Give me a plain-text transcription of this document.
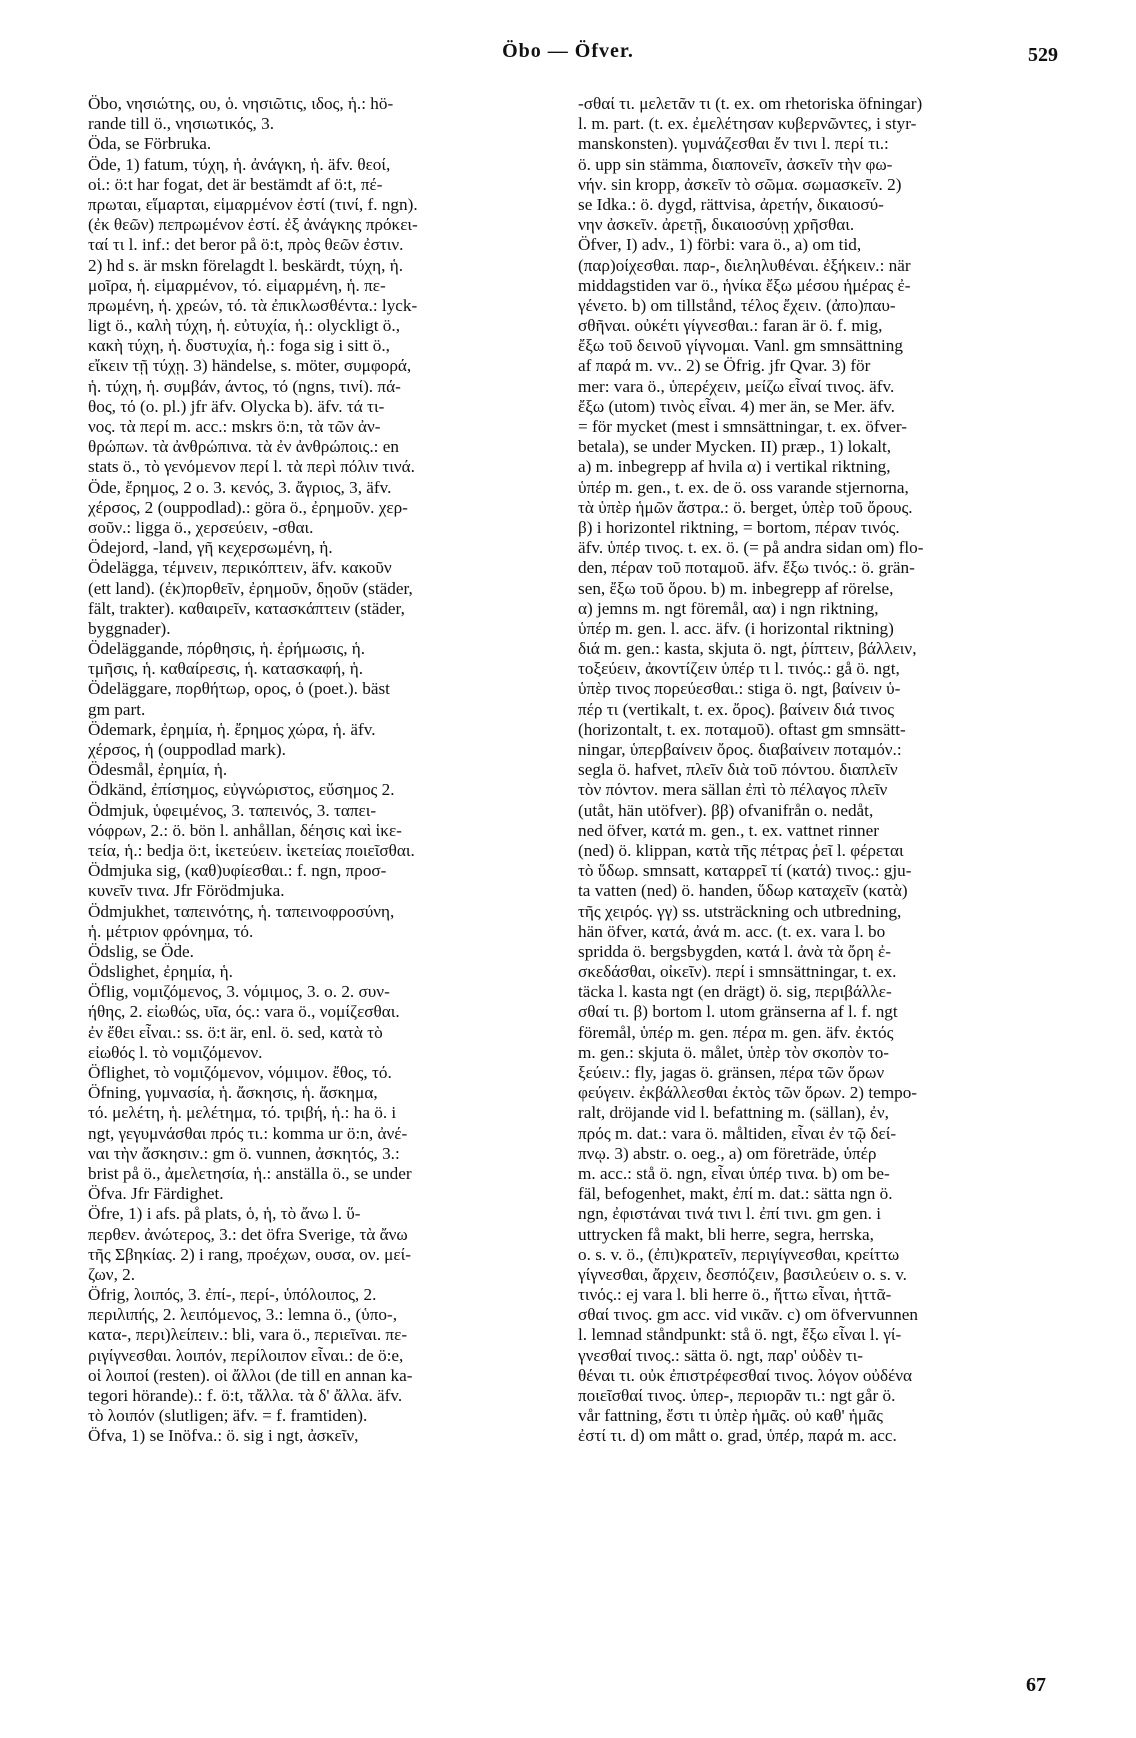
Öbo — Öfver.	529
Öbo, νησιώτης, ου, ὁ. νησιῶτις, ιδος, ἡ.: hö-
rande till ö., νησιωτικός, 3.
Öda, se Förbruka.
Öde, 1) fatum, τύχη, ἡ. ἀνάγκη, ἡ. äfv. θεοί,
οἱ.: ö:t har fogat, det är bestämdt af ö:t, πέ-
πρωται, εἵμαρται, εἱμαρμένον ἐστί (τινί, f. ngn).
(ἐκ θεῶν) πεπρωμένον ἐστί. ἐξ ἀνάγκης πρόκει-
ταί τι l. inf.: det beror på ö:t, πρὸς θεῶν ἐστιν.
2) hd s. är mskn förelagdt l. beskärdt, τύχη, ἡ.
μοῖρα, ἡ. εἱμαρμένον, τό. εἱμαρμένη, ἡ. πε-
πρωμένη, ἡ. χρεών, τό. τὰ ἐπικλωσθέντα.: lyck-
ligt ö., καλὴ τύχη, ἡ. εὐτυχία, ἡ.: olyckligt ö.,
κακὴ τύχη, ἡ. δυστυχία, ἡ.: foga sig i sitt ö.,
εἴκειν τῇ τύχῃ. 3) händelse, s. möter, συμφορά,
ἡ. τύχη, ἡ. συμβάν, άντος, τό (ngns, τινί). πά-
θος, τό (o. pl.) jfr äfv. Olycka b). äfv. τά τι-
νος. τὰ περί m. acc.: mskrs ö:n, τὰ τῶν ἀν-
θρώπων. τὰ ἀνθρώπινα. τὰ ἐν ἀνθρώποις.: en
stats ö., τὸ γενόμενον περί l. τὰ περὶ πόλιν τινά.
Öde, ἔρημος, 2 o. 3. κενός, 3. ἄγριος, 3, äfv.
χέρσος, 2 (ouppodlad).: göra ö., ἐρημοῦν. χερ-
σοῦν.: ligga ö., χερσεύειν, -σθαι.
Ödejord, -land, γῆ κεχερσωμένη, ἡ.
Ödelägga, τέμνειν, περικόπτειν, äfv. κακοῦν
(ett land). (ἐκ)πορθεῖν, ἐρημοῦν, δῃοῦν (städer,
fält, trakter). καθαιρεῖν, κατασκάπτειν (städer,
byggnader).
Ödeläggande, πόρθησις, ἡ. ἐρήμωσις, ἡ.
τμῆσις, ἡ. καθαίρεσις, ἡ. κατασκαφή, ἡ.
Ödeläggare, πορθήτωρ, ορος, ὁ (poet.). bäst
gm part.
Ödemark, ἐρημία, ἡ. ἔρημος χώρα, ἡ. äfv.
χέρσος, ἡ (ouppodlad mark).
Ödesmål, ἐρημία, ἡ.
Ödkänd, ἐπίσημος, εὐγνώριστος, εὔσημος 2.
Ödmjuk, ὑφειμένος, 3. ταπεινός, 3. ταπει-
νόφρων, 2.: ö. bön l. anhållan, δέησις καὶ ἱκε-
τεία, ἡ.: bedja ö:t, ἱκετεύειν. ἱκετείας ποιεῖσθαι.
Ödmjuka sig, (καθ)υφίεσθαι.: f. ngn, προσ-
κυνεῖν τινα. Jfr Förödmjuka.
Ödmjukhet, ταπεινότης, ἡ. ταπεινοφροσύνη,
ἡ. μέτριον φρόνημα, τό.
Ödslig, se Öde.
Ödslighet, ἐρημία, ἡ.
Öflig, νομιζόμενος, 3. νόμιμος, 3. o. 2. συν-
ήθης, 2. εἰωθώς, υῖα, ός.: vara ö., νομίζεσθαι.
ἐν ἔθει εἶναι.: ss. ö:t är, enl. ö. sed, κατὰ τὸ
εἰωθός l. τὸ νομιζόμενον.
Öflighet, τὸ νομιζόμενον, νόμιμον. ἔθος, τό.
Öfning, γυμνασία, ἡ. ἄσκησις, ἡ. ἄσκημα,
τό. μελέτη, ἡ. μελέτημα, τό. τριβή, ἡ.: ha ö. i
ngt, γεγυμνάσθαι πρός τι.: komma ur ö:n, ἀνέ-
ναι τὴν ἄσκησιν.: gm ö. vunnen, ἀσκητός, 3.:
brist på ö., ἀμελετησία, ἡ.: anställa ö., se under
Öfva. Jfr Färdighet.
Öfre, 1) i afs. på plats, ὁ, ἡ, τὸ ἄνω l. ὕ-
περθεν. ἀνώτερος, 3.: det öfra Sverige, τὰ ἄνω
τῆς Σβηκίας. 2) i rang, προέχων, ουσα, ον. μεί-
ζων, 2.
Öfrig, λοιπός, 3. ἐπί-, περί-, ὑπόλοιπος, 2.
περιλιπής, 2. λειπόμενος, 3.: lemna ö., (ὑπο-,
κατα-, περι)λείπειν.: bli, vara ö., περιεῖναι. πε-
ριγίγνεσθαι. λοιπόν, περίλοιπον εἶναι.: de ö:e,
οἱ λοιποί (resten). οἱ ἄλλοι (de till en annan ka-
tegori hörande).: f. ö:t, τἄλλα. τὰ δ' ἄλλα. äfv.
τὸ λοιπόν (slutligen; äfv. = f. framtiden).
Öfva, 1) se Inöfva.: ö. sig i ngt, ἀσκεῖν,
-σθαί τι. μελετᾶν τι (t. ex. om rhetoriska öfningar)
l. m. part. (t. ex. ἐμελέτησαν κυβερνῶντες, i styr-
manskonsten). γυμνάζεσθαι ἔν τινι l. περί τι.:
ö. upp sin stämma, διαπονεῖν, ἀσκεῖν τὴν φω-
νήν. sin kropp, ἀσκεῖν τὸ σῶμα. σωμασκεῖν. 2)
se Idka.: ö. dygd, rättvisa, ἀρετήν, δικαιοσύ-
νην ἀσκεῖν. ἀρετῇ, δικαιοσύνῃ χρῆσθαι.
Öfver, I) adv., 1) förbi: vara ö., a) om tid,
(παρ)οίχεσθαι. παρ-, διεληλυθέναι. ἐξήκειν.: när
middagstiden var ö., ἡνίκα ἔξω μέσου ἡμέρας ἐ-
γένετο. b) om tillstånd, τέλος ἔχειν. (ἀπο)παυ-
σθῆναι. οὐκέτι γίγνεσθαι.: faran är ö. f. mig,
ἔξω τοῦ δεινοῦ γίγνομαι. Vanl. gm smnsättning
af παρά m. vv.. 2) se Öfrig. jfr Qvar. 3) för
mer: vara ö., ὑπερέχειν, μείζω εἶναί τινος. äfv.
ἔξω (utom) τινὸς εἶναι. 4) mer än, se Mer. äfv.
= för mycket (mest i smnsättningar, t. ex. öfver-
betala), se under Mycken. II) præp., 1) lokalt,
a) m. inbegrepp af hvila α) i vertikal riktning,
ὑπέρ m. gen., t. ex. de ö. oss varande stjernorna,
τὰ ὑπὲρ ἡμῶν ἄστρα.: ö. berget, ὑπὲρ τοῦ ὄρους.
β) i horizontel riktning, = bortom, πέραν τινός.
äfv. ὑπέρ τινος. t. ex. ö. (= på andra sidan om) flo-
den, πέραν τοῦ ποταμοῦ. äfv. ἔξω τινός.: ö. grän-
sen, ἔξω τοῦ ὅρου. b) m. inbegrepp af rörelse,
α) jemns m. ngt föremål, αα) i ngn riktning,
ὑπέρ m. gen. l. acc. äfv. (i horizontal riktning)
διά m. gen.: kasta, skjuta ö. ngt, ῥίπτειν, βάλλειν,
τοξεύειν, ἀκοντίζειν ὑπέρ τι l. τινός.: gå ö. ngt,
ὑπὲρ τινος πορεύεσθαι.: stiga ö. ngt, βαίνειν ὑ-
πέρ τι (vertikalt, t. ex. ὄρος). βαίνειν διά τινος
(horizontalt, t. ex. ποταμοῦ). oftast gm smnsätt-
ningar, ὑπερβαίνειν ὄρος. διαβαίνειν ποταμόν.:
segla ö. hafvet, πλεῖν διὰ τοῦ πόντου. διαπλεῖν
τὸν πόντον. mera sällan ἐπὶ τὸ πέλαγος πλεῖν
(utåt, hän utöfver). ββ) ofvanifrån o. nedåt,
ned öfver, κατά m. gen., t. ex. vattnet rinner
(ned) ö. klippan, κατὰ τῆς πέτρας ῥεῖ l. φέρεται
τὸ ὕδωρ. smnsatt, καταρρεῖ τί (κατά) τινος.: gju-
ta vatten (ned) ö. handen, ὕδωρ καταχεῖν (κατὰ)
τῆς χειρός. γγ) ss. utsträckning och utbredning,
hän öfver, κατά, ἀνά m. acc. (t. ex. vara l. bo
spridda ö. bergsbygden, κατά l. ἀνὰ τὰ ὄρη ἐ-
σκεδάσθαι, οἰκεῖν). περί i smnsättningar, t. ex.
täcka l. kasta ngt (en drägt) ö. sig, περιβάλλε-
σθαί τι. β) bortom l. utom gränserna af l. f. ngt
föremål, ὑπέρ m. gen. πέρα m. gen. äfv. ἐκτός
m. gen.: skjuta ö. målet, ὑπὲρ τὸν σκοπὸν το-
ξεύειν.: fly, jagas ö. gränsen, πέρα τῶν ὅρων
φεύγειν. ἐκβάλλεσθαι ἐκτὸς τῶν ὅρων. 2) tempo-
ralt, dröjande vid l. befattning m. (sällan), ἐν,
πρός m. dat.: vara ö. måltiden, εἶναι ἐν τῷ δεί-
πνῳ. 3) abstr. o. oeg., a) om företräde, ὑπέρ
m. acc.: stå ö. ngn, εἶναι ὑπέρ τινα. b) om be-
fäl, befogenhet, makt, ἐπί m. dat.: sätta ngn ö.
ngn, ἐφιστάναι τινά τινι l. ἐπί τινι. gm gen. i
uttrycken få makt, bli herre, segra, herrska,
o. s. v. ö., (ἐπι)κρατεῖν, περιγίγνεσθαι, κρείττω
γίγνεσθαι, ἄρχειν, δεσπόζειν, βασιλεύειν o. s. v.
τινός.: ej vara l. bli herre ö., ἥττω εἶναι, ἡττᾶ-
σθαί τινος. gm acc. vid νικᾶν. c) om öfvervunnen
l. lemnad ståndpunkt: stå ö. ngt, ἔξω εἶναι l. γί-
γνεσθαί τινος.: sätta ö. ngt, παρ' οὐδὲν τι-
θέναι τι. οὐκ ἐπιστρέφεσθαί τινος. λόγον οὐδένα
ποιεῖσθαί τινος. ὑπερ-, περιορᾶν τι.: ngt går ö.
vår fattning, ἔστι τι ὑπὲρ ἡμᾶς. οὐ καθ' ἡμᾶς
ἐστί τι. d) om mått o. grad, ὑπέρ, παρά m. acc.
67
